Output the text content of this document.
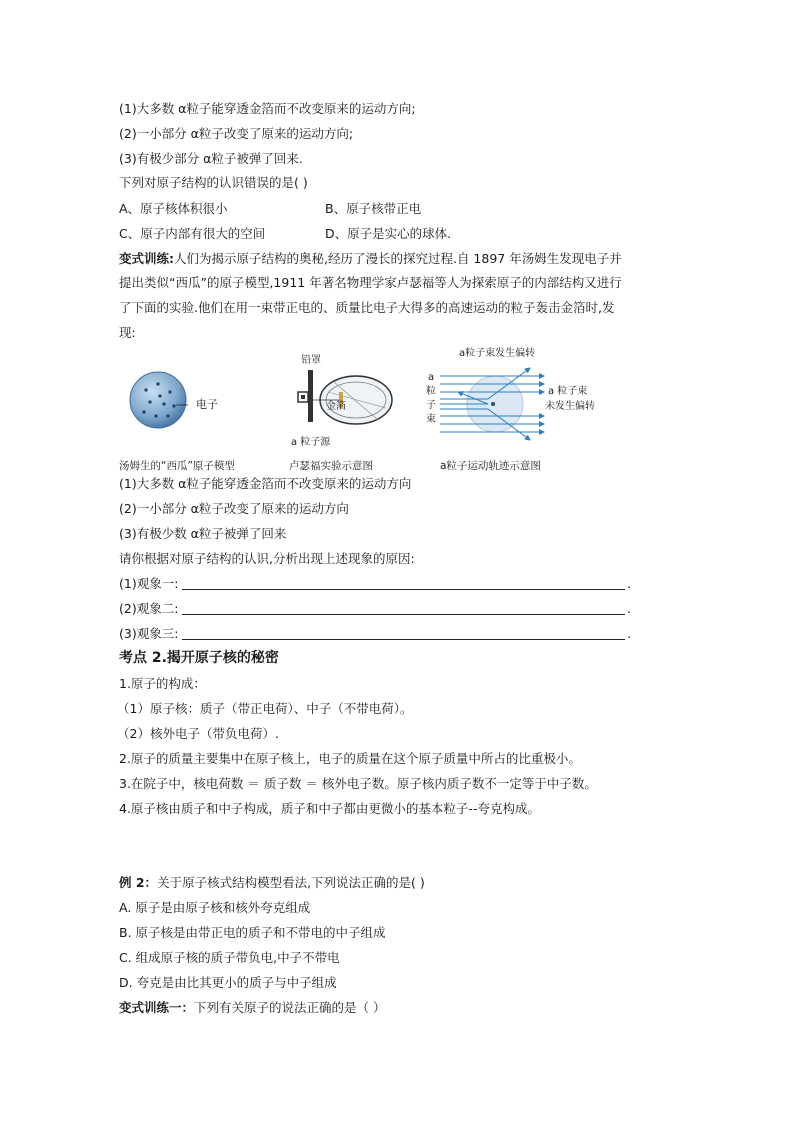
(1)大多数 α粒子能穿透金箔而不改变原来的运动方向;
(2)一小部分 α粒子改变了原来的运动方向;
(3)有极少部分 α粒子被弹了回来.
下列对原子结构的认识错误的是( )
A、原子核体积很小	B、原子核带正电
C、原子内部有很大的空间	D、原子是实心的球体.
变式训练:人们为揭示原子结构的奥秘,经历了漫长的探究过程.自 1897 年汤姆生发现电子并
提出类似“西瓜”的原子模型,1911 年著名物理学家卢瑟福等人为探索原子的内部结构又进行
了下面的实验.他们在用一束带正电的、质量比电子大得多的高速运动的粒子轰击金箔时,发
现:
电子
汤姆生的“西瓜”原子模型
铅罩
金箔
a 粒子源
卢瑟福实验示意图
a粒子束发生偏转
a
粒
子
束
a 粒子束
未发生偏转
a粒子运动轨迹示意图
(1)大多数 α粒子能穿透金箔而不改变原来的运动方向
(2)一小部分 α粒子改变了原来的运动方向
(3)有极少数 α粒子被弹了回来
请你根据对原子结构的认识,分析出现上述现象的原因:
(1)观象一:	.
(2)观象二:	.
(3)观象三:	.
考点 2.揭开原子核的秘密
1.原子的构成：
（1）原子核：质子（带正电荷）、中子（不带电荷）。
（2）核外电子（带负电荷）.
2.原子的质量主要集中在原子核上，电子的质量在这个原子质量中所占的比重极小。
3.在院子中，核电荷数 ＝ 质子数 ＝ 核外电子数。原子核内质子数不一定等于中子数。
4.原子核由质子和中子构成，质子和中子都由更微小的基本粒子--夸克构成。
例 2：关于原子核式结构模型看法,下列说法正确的是( )
A. 原子是由原子核和核外夸克组成
B. 原子核是由带正电的质子和不带电的中子组成
C. 组成原子核的质子带负电,中子不带电
D. 夸克是由比其更小的质子与中子组成
变式训练一：下列有关原子的说法正确的是（ ）
